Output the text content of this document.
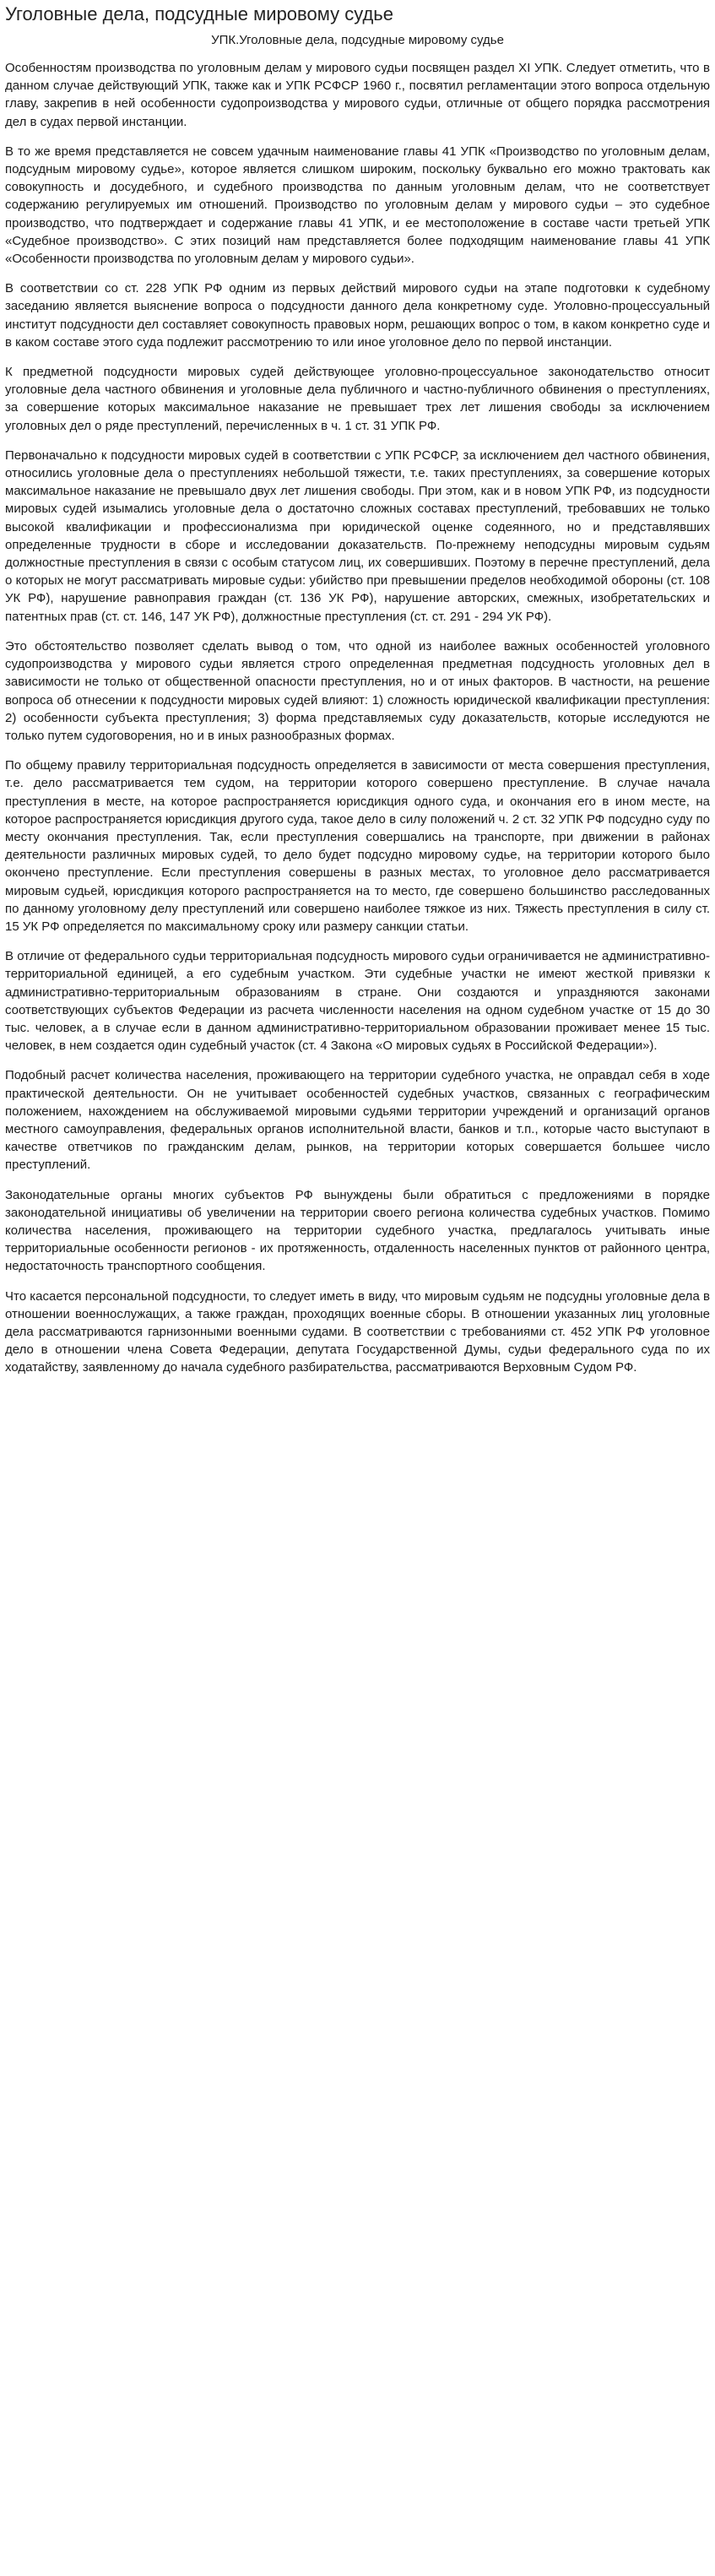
Уголовные дела, подсудные мировому судье
УПК.Уголовные дела, подсудные мировому судье

Особенностям производства по уголовным делам у мирового судьи посвящен раздел XI УПК. Следует отметить, что в данном случае действующий УПК, также как и УПК РСФСР 1960 г., посвятил регламентации этого вопроса отдельную главу, закрепив в ней особенности судопроизводства у мирового судьи, отличные от общего порядка рассмотрения дел в судах первой инстанции.

В то же время представляется не совсем удачным наименование главы 41 УПК «Производство по уголовным делам, подсудным мировому судье», которое является слишком широким, поскольку буквально его можно трактовать как совокупность и досудебного, и судебного производства по данным уголовным делам, что не соответствует содержанию регулируемых им отношений. Производство по уголовным делам у мирового судьи – это судебное производство, что подтверждает и содержание главы 41 УПК, и ее местоположение в составе части третьей УПК «Судебное производство». С этих позиций нам представляется более подходящим наименование главы 41 УПК «Особенности производства по уголовным делам у мирового судьи».

В соответствии со ст. 228 УПК РФ одним из первых действий мирового судьи на этапе подготовки к судебному заседанию является выяснение вопроса о подсудности данного дела конкретному суде. Уголовно-процессуальный институт подсудности дел составляет совокупность правовых норм, решающих вопрос о том, в каком конкретно суде и в каком составе этого суда подлежит рассмотрению то или иное уголовное дело по первой инстанции.

К предметной подсудности мировых судей действующее уголовно-процессуальное законодательство относит уголовные дела частного обвинения и уголовные дела публичного и частно-публичного обвинения о преступлениях, за совершение которых максимальное наказание не превышает трех лет лишения свободы за исключением уголовных дел о ряде преступлений, перечисленных в ч. 1 ст. 31 УПК РФ.

Первоначально к подсудности мировых судей в соответствии с УПК РСФСР, за исключением дел частного обвинения, относились уголовные дела о преступлениях небольшой тяжести, т.е. таких преступлениях, за совершение которых максимальное наказание не превышало двух лет лишения свободы. При этом, как и в новом УПК РФ, из подсудности мировых судей изымались уголовные дела о достаточно сложных составах преступлений, требовавших не только высокой квалификации и профессионализма при юридической оценке содеянного, но и представлявших определенные трудности в сборе и исследовании доказательств. По-прежнему неподсудны мировым судьям должностные преступления в связи с особым статусом лиц, их совершивших. Поэтому в перечне преступлений, дела о которых не могут рассматривать мировые судьи: убийство при превышении пределов необходимой обороны (ст. 108 УК РФ), нарушение равноправия граждан (ст. 136 УК РФ), нарушение авторских, смежных, изобретательских и патентных прав (ст. ст. 146, 147 УК РФ), должностные преступления (ст. ст. 291 - 294 УК РФ).

Это обстоятельство позволяет сделать вывод о том, что одной из наиболее важных особенностей уголовного судопроизводства у мирового судьи является строго определенная предметная подсудность уголовных дел в зависимости не только от общественной опасности преступления, но и от иных факторов. В частности, на решение вопроса об отнесении к подсудности мировых судей влияют: 1) сложность юридической квалификации преступления: 2) особенности субъекта преступления; 3) форма представляемых суду доказательств, которые исследуются не только путем судоговорения, но и в иных разнообразных формах.

По общему правилу территориальная подсудность определяется в зависимости от места совершения преступления, т.е. дело рассматривается тем судом, на территории которого совершено преступление. В случае начала преступления в месте, на которое распространяется юрисдикция одного суда, и окончания его в ином месте, на которое распространяется юрисдикция другого суда, такое дело в силу положений ч. 2 ст. 32 УПК РФ подсудно суду по месту окончания преступления. Так, если преступления совершались на транспорте, при движении в районах деятельности различных мировых судей, то дело будет подсудно мировому судье, на территории которого было окончено преступление. Если преступления совершены в разных местах, то уголовное дело рассматривается мировым судьей, юрисдикция которого распространяется на то место, где совершено большинство расследованных по данному уголовному делу преступлений или совершено наиболее тяжкое из них. Тяжесть преступления в силу ст. 15 УК РФ определяется по максимальному сроку или размеру санкции статьи.

В отличие от федерального судьи территориальная подсудность мирового судьи ограничивается не административно-территориальной единицей, а его судебным участком. Эти судебные участки не имеют жесткой привязки к административно-территориальным образованиям в стране. Они создаются и упраздняются законами соответствующих субъектов Федерации из расчета численности населения на одном судебном участке от 15 до 30 тыс. человек, а в случае если в данном административно-территориальном образовании проживает менее 15 тыс. человек, в нем создается один судебный участок (ст. 4 Закона «О мировых судьях в Российской Федерации»).

Подобный расчет количества населения, проживающего на территории судебного участка, не оправдал себя в ходе практической деятельности. Он не учитывает особенностей судебных участков, связанных с географическим положением, нахождением на обслуживаемой мировыми судьями территории учреждений и организаций органов местного самоуправления, федеральных органов исполнительной власти, банков и т.п., которые часто выступают в качестве ответчиков по гражданским делам, рынков, на территории которых совершается большее число преступлений.

Законодательные органы многих субъектов РФ вынуждены были обратиться с предложениями в порядке законодательной инициативы об увеличении на территории своего региона количества судебных участков. Помимо количества населения, проживающего на территории судебного участка, предлагалось учитывать иные территориальные особенности регионов - их протяженность, отдаленность населенных пунктов от районного центра, недостаточность транспортного сообщения.

Что касается персональной подсудности, то следует иметь в виду, что мировым судьям не подсудны уголовные дела в отношении военнослужащих, а также граждан, проходящих военные сборы. В отношении указанных лиц уголовные дела рассматриваются гарнизонными военными судами. В соответствии с требованиями ст. 452 УПК РФ уголовное дело в отношении члена Совета Федерации, депутата Государственной Думы, судьи федерального суда по их ходатайству, заявленному до начала судебного разбирательства, рассматриваются Верховным Судом РФ.
